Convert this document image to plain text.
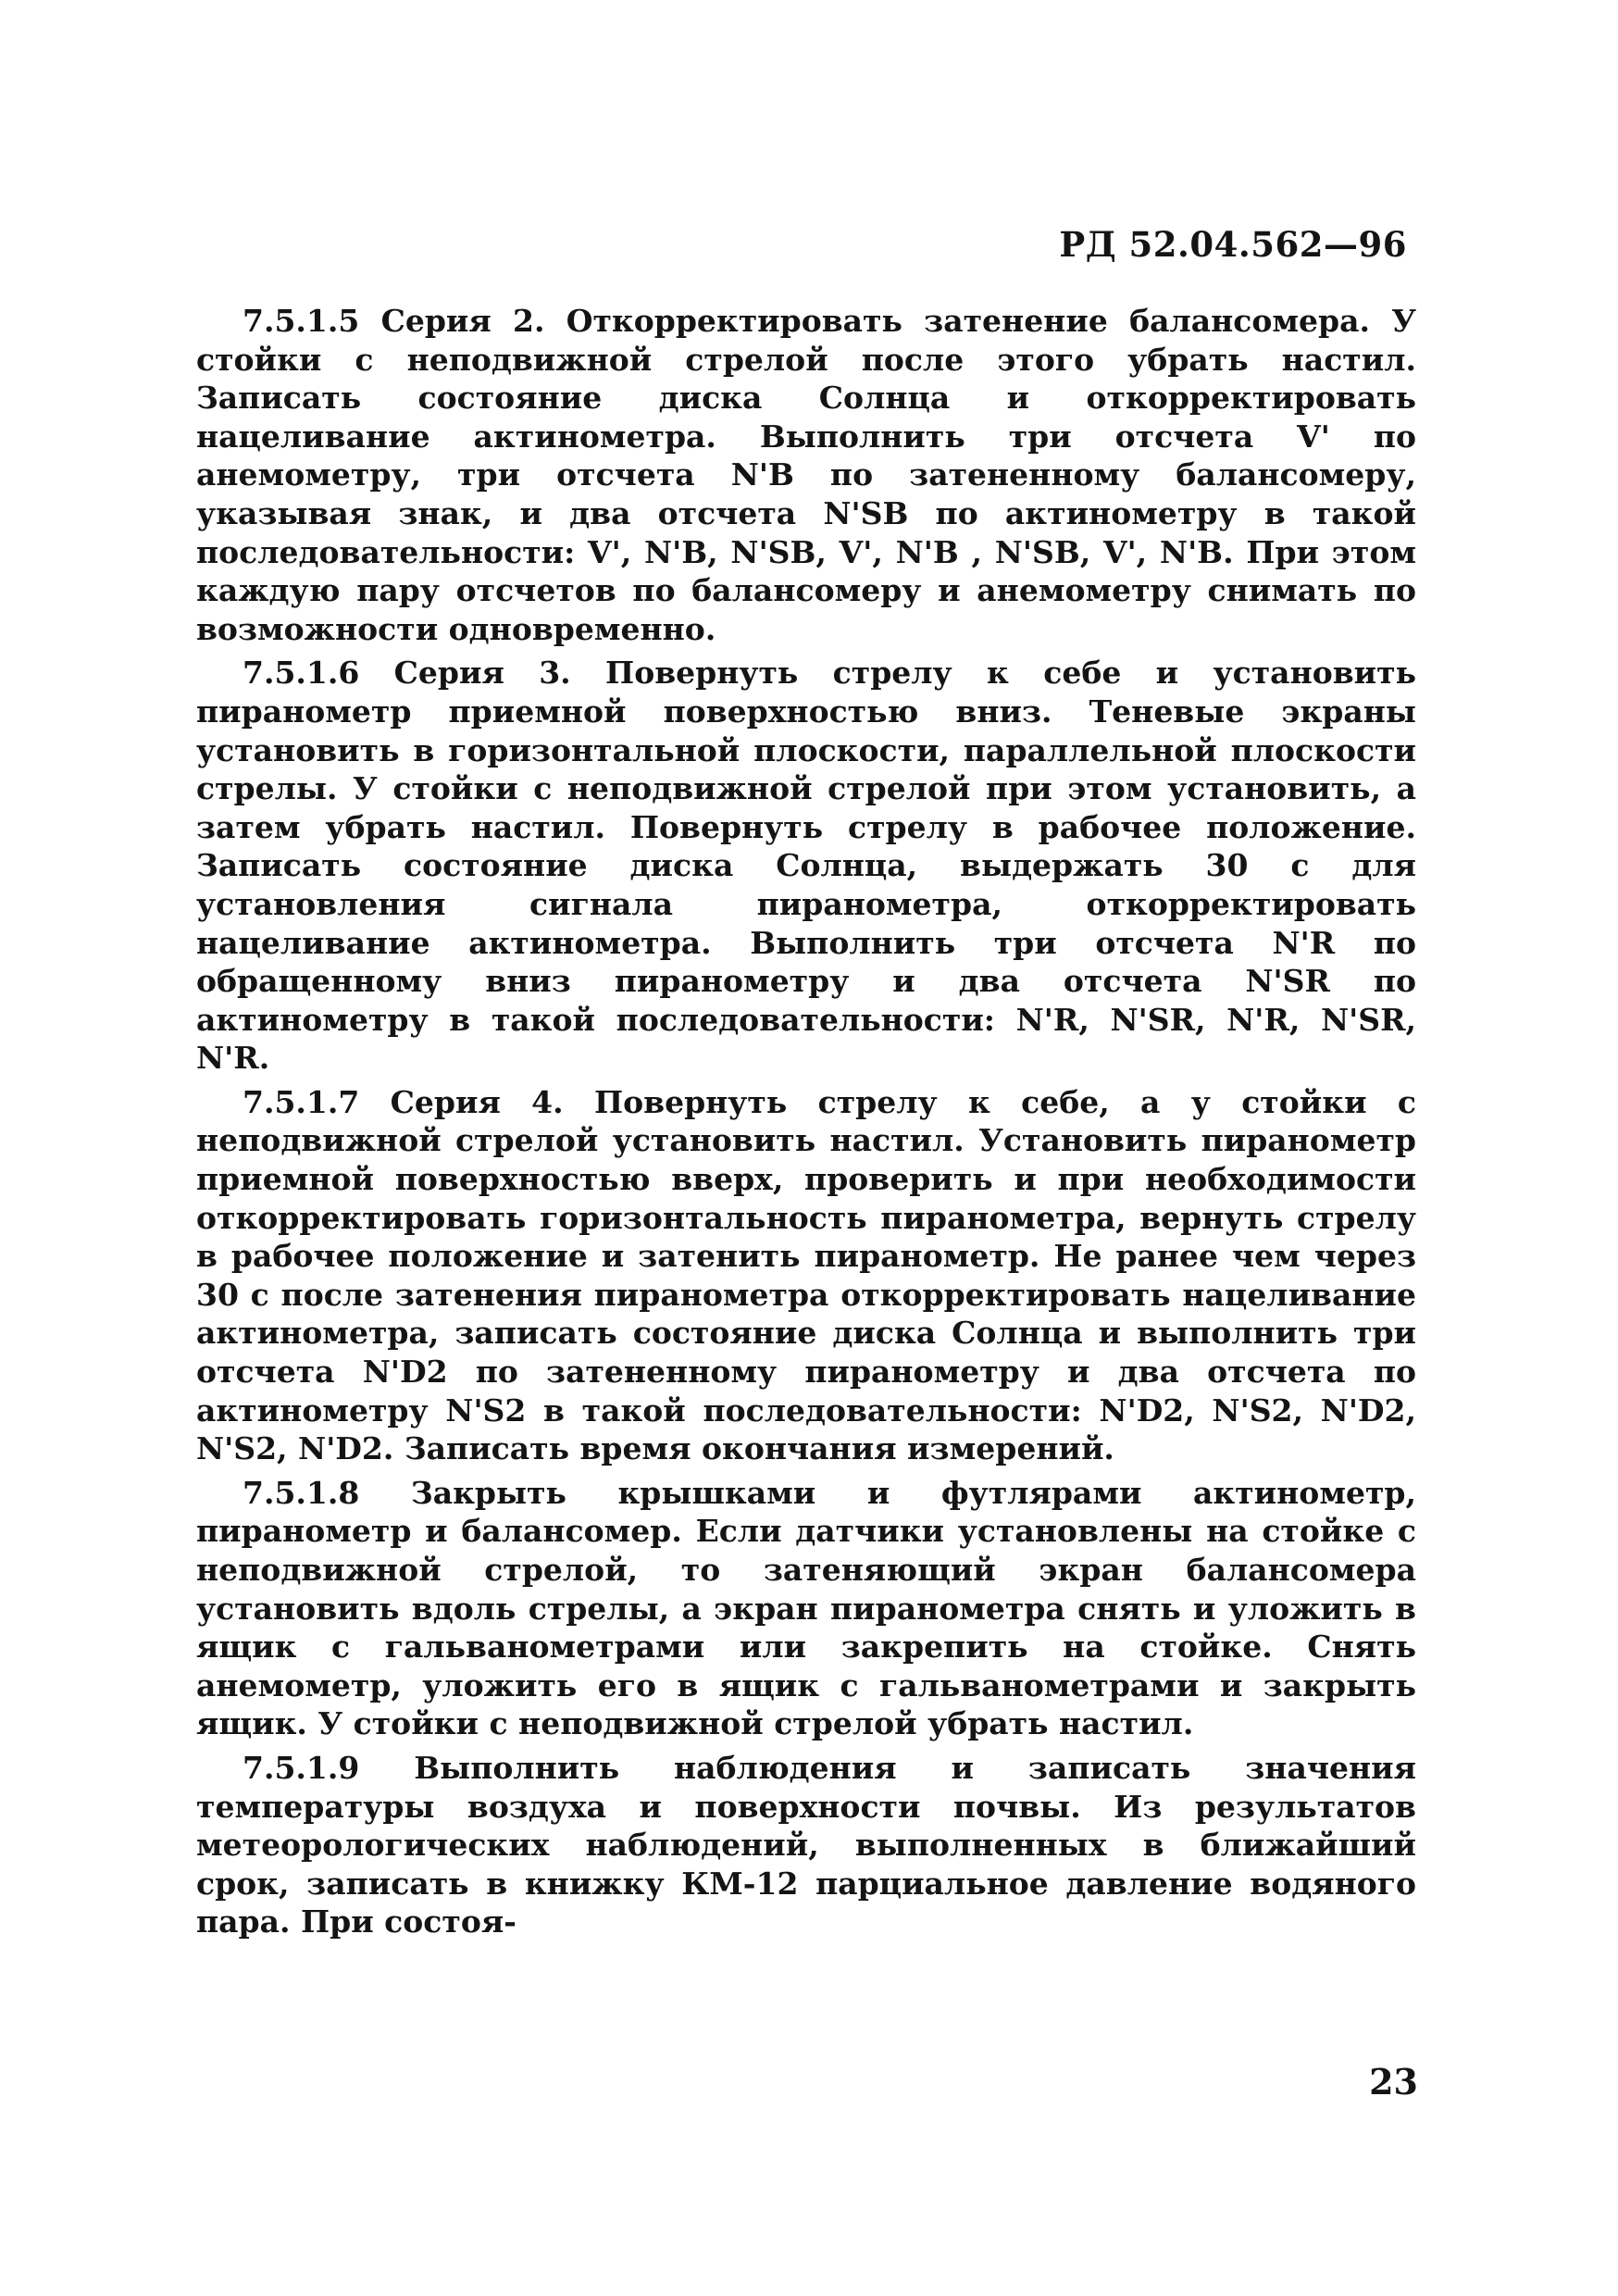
РД 52.04.562—96

7.5.1.5 Серия 2. Откорректировать затенение балансомера. У стойки с неподвижной стрелой после этого убрать настил. Записать состояние диска Солнца и откорректировать нацеливание актинометра. Выполнить три отсчета V' по анемометру, три отсчета N'B по затененному балансомеру, указывая знак, и два отсчета N'SB по актинометру в такой последовательности: V', N'B, N'SB, V', N'B , N'SB, V', N'B. При этом каждую пару отсчетов по балансомеру и анемометру снимать по возможности одновременно.

7.5.1.6 Серия 3. Повернуть стрелу к себе и установить пиранометр приемной поверхностью вниз. Теневые экраны установить в горизонтальной плоскости, параллельной плоскости стрелы. У стойки с неподвижной стрелой при этом установить, а затем убрать настил. Повернуть стрелу в рабочее положение. Записать состояние диска Солнца, выдержать 30 с для установления сигнала пиранометра, откорректировать нацеливание актинометра. Выполнить три отсчета N'R по обращенному вниз пиранометру и два отсчета N'SR по актинометру в такой последовательности: N'R, N'SR, N'R, N'SR, N'R.

7.5.1.7 Серия 4. Повернуть стрелу к себе, а у стойки с неподвижной стрелой установить настил. Установить пиранометр приемной поверхностью вверх, проверить и при необходимости откорректировать горизонтальность пиранометра, вернуть стрелу в рабочее положение и затенить пиранометр. Не ранее чем через 30 с после затенения пиранометра откорректировать нацеливание актинометра, записать состояние диска Солнца и выполнить три отсчета N'D2 по затененному пиранометру и два отсчета по актинометру N'S2 в такой последовательности: N'D2, N'S2, N'D2, N'S2, N'D2. Записать время окончания измерений.

7.5.1.8 Закрыть крышками и футлярами актинометр, пиранометр и балансомер. Если датчики установлены на стойке с неподвижной стрелой, то затеняющий экран балансомера установить вдоль стрелы, а экран пиранометра снять и уложить в ящик с гальванометрами или закрепить на стойке. Снять анемометр, уложить его в ящик с гальванометрами и закрыть ящик. У стойки с неподвижной стрелой убрать настил.

7.5.1.9 Выполнить наблюдения и записать значения температуры воздуха и поверхности почвы. Из результатов метеорологических наблюдений, выполненных в ближайший срок, записать в книжку КМ-12 парциальное давление водяного пара. При состоя-

23
